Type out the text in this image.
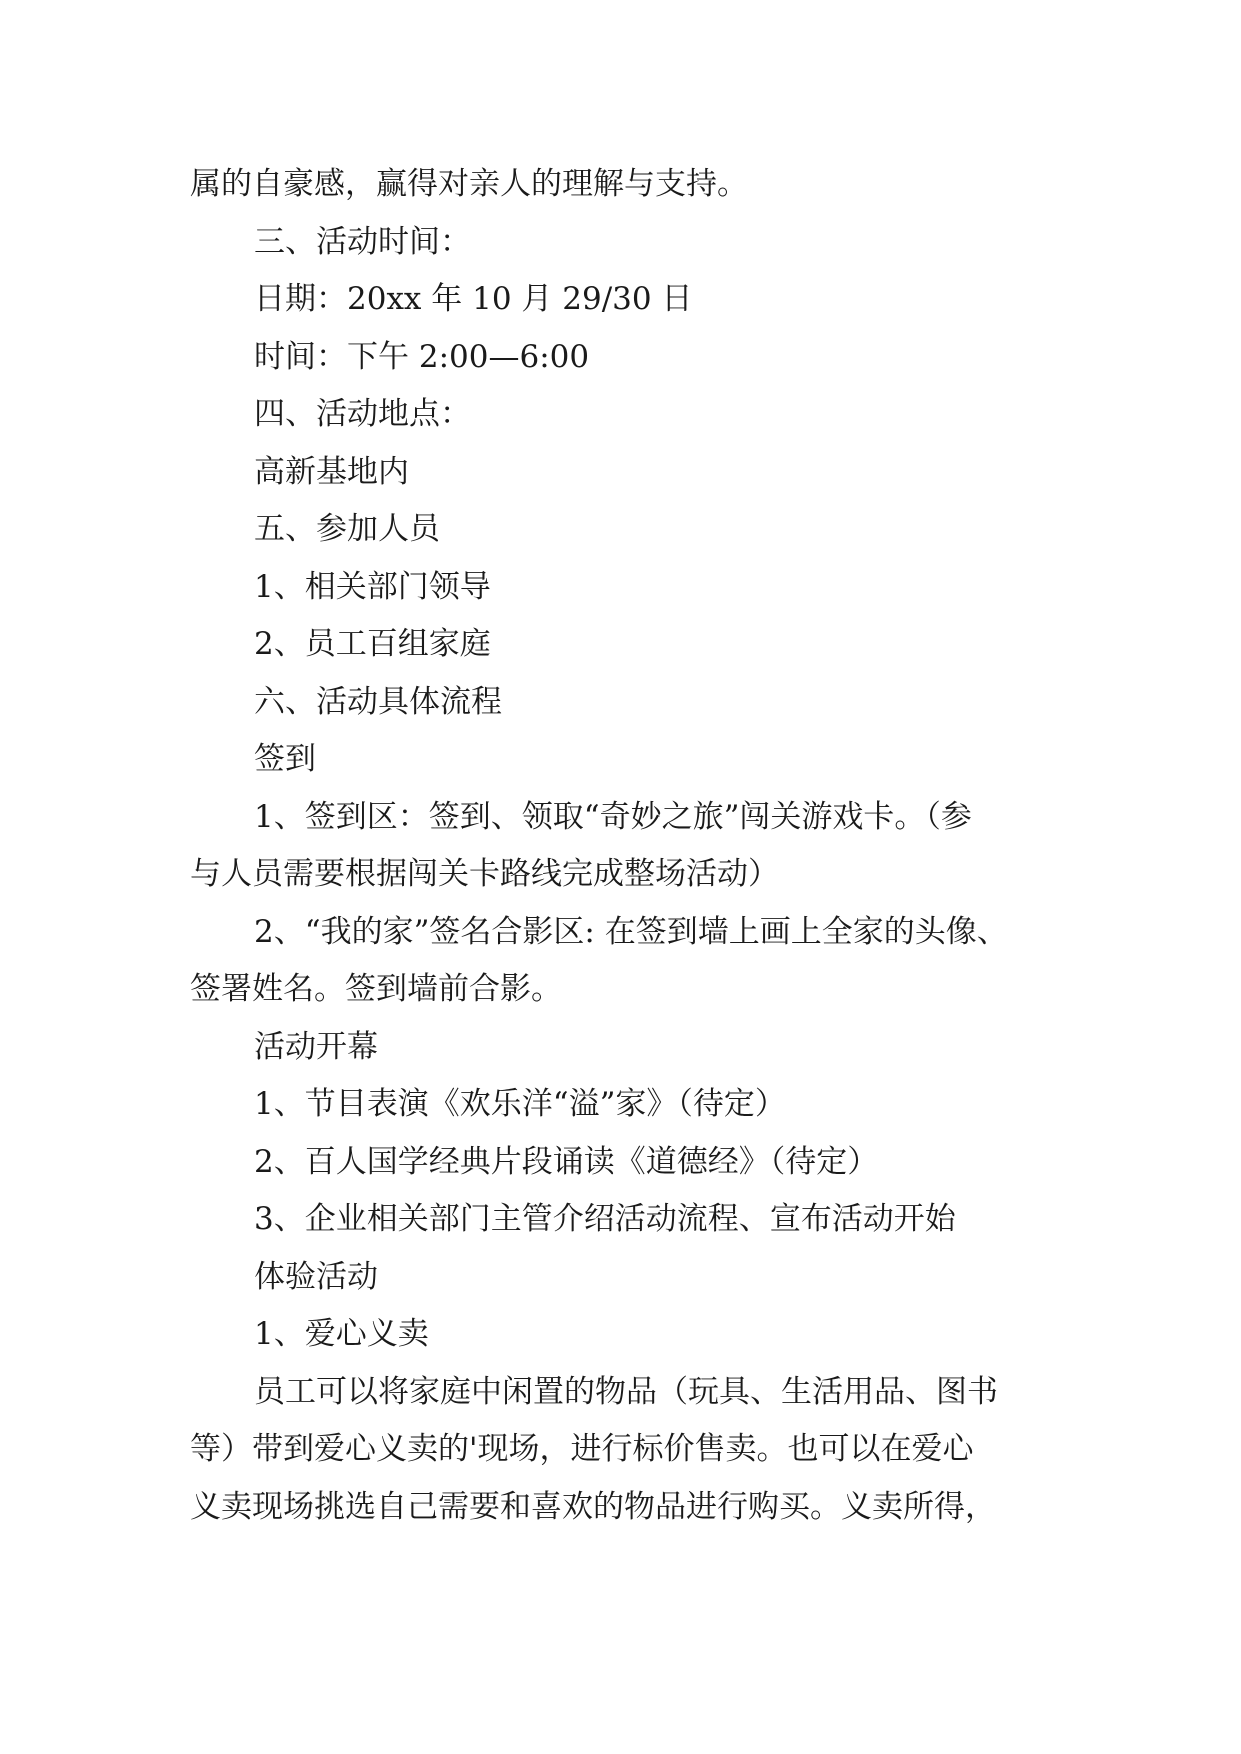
属的自豪感，赢得对亲人的理解与支持。
三、活动时间：
日期：20xx 年 10 月 29/30 日
时间：下午 2:00—6:00
四、活动地点：
高新基地内
五、参加人员
1、相关部门领导
2、员工百组家庭
六、活动具体流程
签到
1、签到区：签到、领取“奇妙之旅”闯关游戏卡。（参
与人员需要根据闯关卡路线完成整场活动）
2、“我的家”签名合影区: 在签到墙上画上全家的头像、
签署姓名。签到墙前合影。
活动开幕
1、节目表演《欢乐洋“溢”家》（待定）
2、百人国学经典片段诵读《道德经》（待定）
3、企业相关部门主管介绍活动流程、宣布活动开始
体验活动
1、爱心义卖
员工可以将家庭中闲置的物品（玩具、生活用品、图书
等）带到爱心义卖的'现场，进行标价售卖。也可以在爱心
义卖现场挑选自己需要和喜欢的物品进行购买。义卖所得，
